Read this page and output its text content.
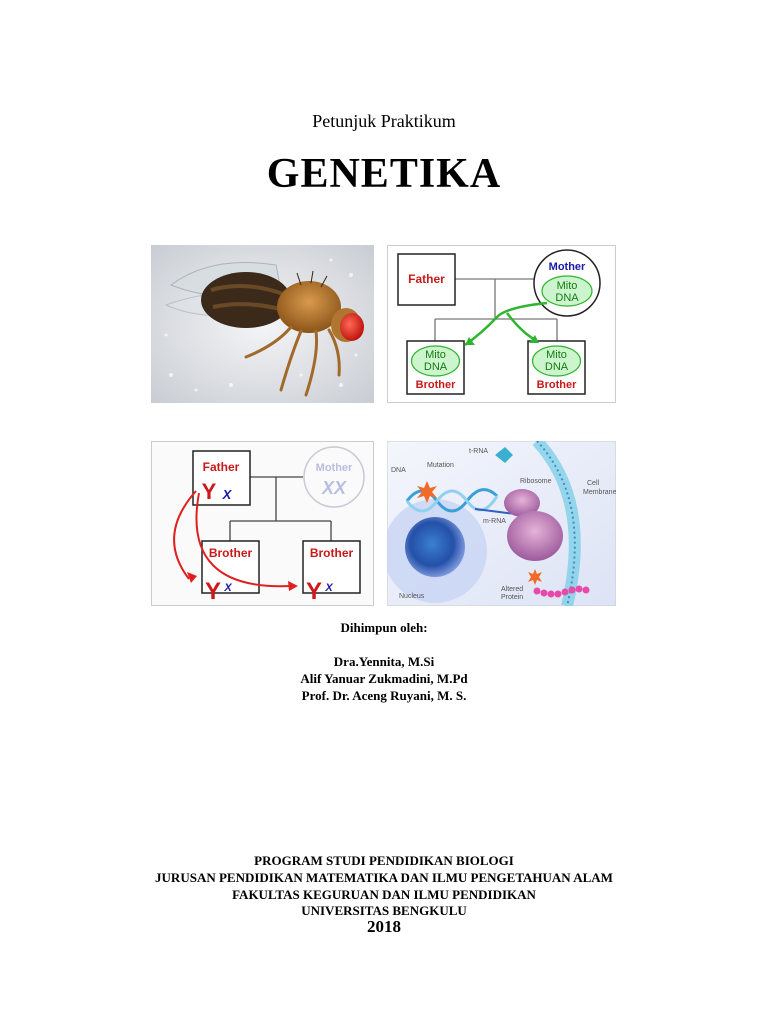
Petunjuk Praktikum
GENETIKA
Father
Mother
Mito
DNA
Mito
DNA
Brother
Mito
DNA
Brother
Father
Y X
Mother
XX
Brother
Y X
Brother
Y X
DNA
Mutation
t-RNA
Ribosome	Cell
Membrane
m-RNA
Nucleus
Altered
Protein
Dihimpun oleh:
Dra.Yennita, M.Si
Alif Yanuar Zukmadini, M.Pd
Prof. Dr. Aceng Ruyani, M. S.
PROGRAM STUDI PENDIDIKAN BIOLOGI
JURUSAN PENDIDIKAN MATEMATIKA DAN ILMU PENGETAHUAN ALAM
FAKULTAS KEGURUAN DAN ILMU PENDIDIKAN
UNIVERSITAS BENGKULU
2018
